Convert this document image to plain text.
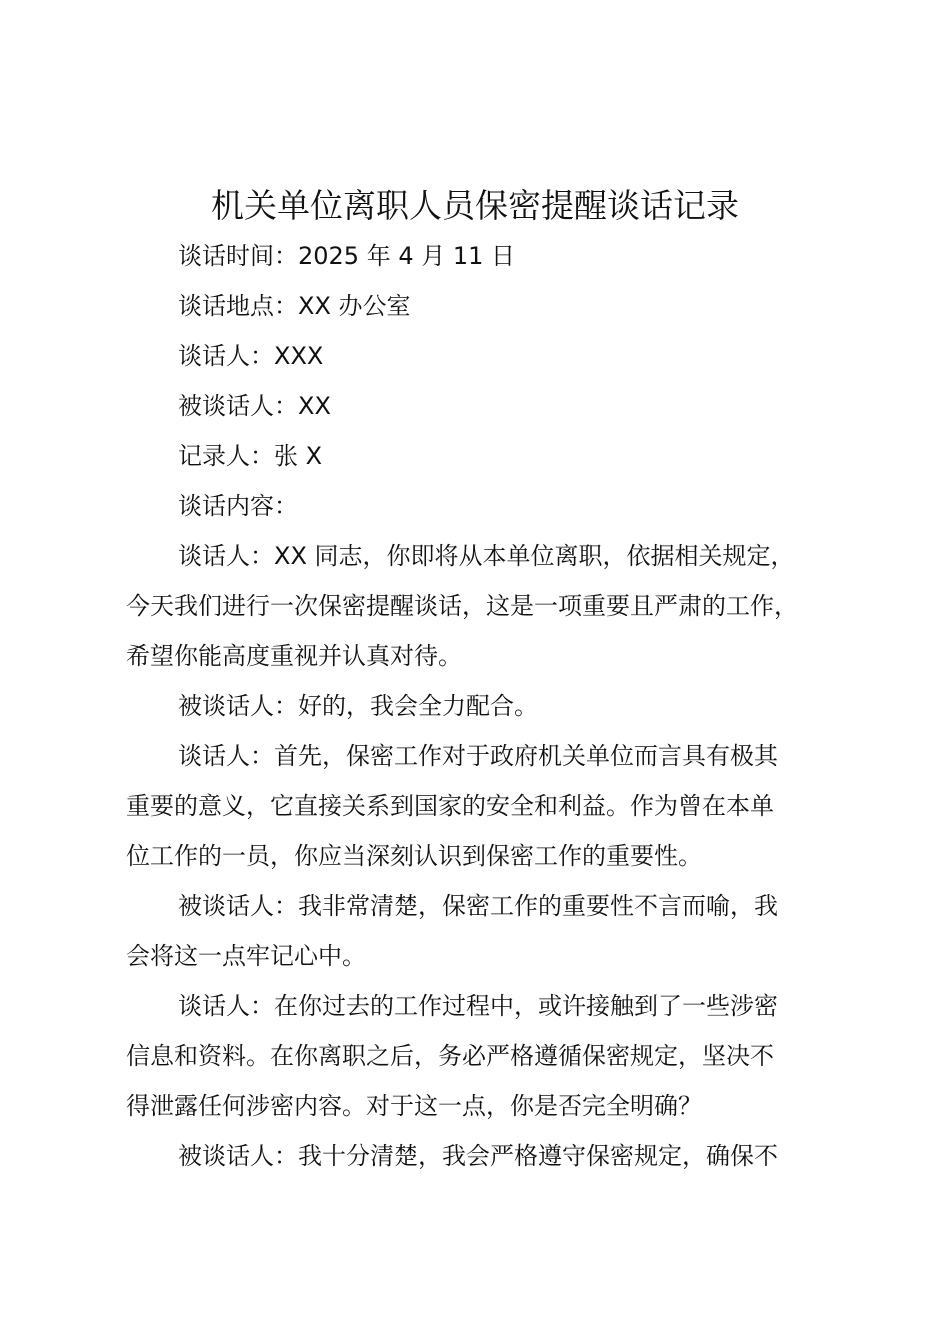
机关单位离职人员保密提醒谈话记录

谈话时间：2025 年 4 月 11 日

谈话地点：XX 办公室

谈话人：XXX

被谈话人：XX

记录人：张 X

谈话内容：

谈话人：XX 同志，你即将从本单位离职，依据相关规定，
今天我们进行一次保密提醒谈话，这是一项重要且严肃的工作，
希望你能高度重视并认真对待。
被谈话人：好的，我会全力配合。
谈话人：首先，保密工作对于政府机关单位而言具有极其
重要的意义，它直接关系到国家的安全和利益。作为曾在本单
位工作的一员，你应当深刻认识到保密工作的重要性。
被谈话人：我非常清楚，保密工作的重要性不言而喻，我
会将这一点牢记心中。
谈话人：在你过去的工作过程中，或许接触到了一些涉密
信息和资料。在你离职之后，务必严格遵循保密规定，坚决不
得泄露任何涉密内容。对于这一点，你是否完全明确？
被谈话人：我十分清楚，我会严格遵守保密规定，确保不
